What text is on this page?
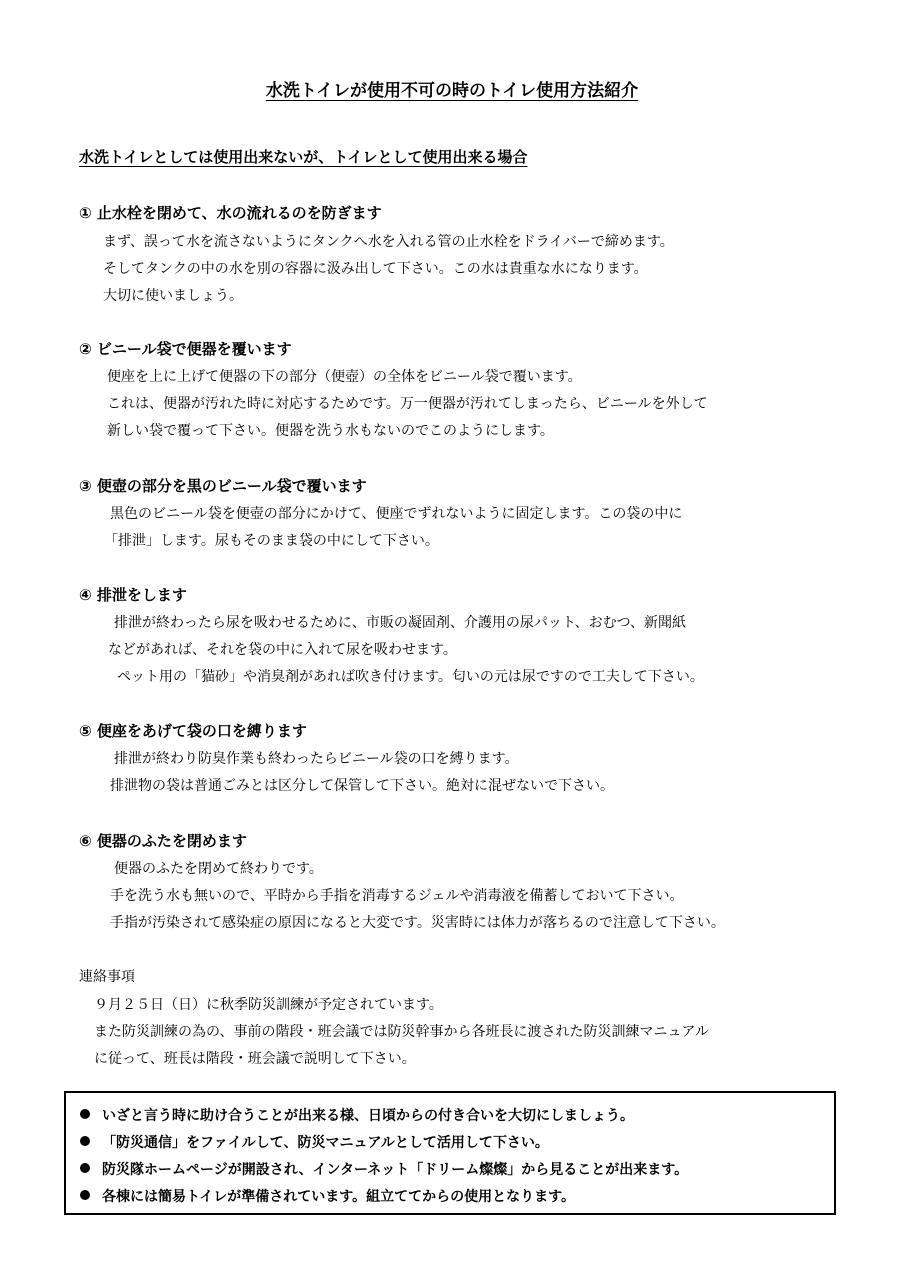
水洗トイレが使用不可の時のトイレ使用方法紹介
水洗トイレとしては使用出来ないが、トイレとして使用出来る場合
① 止水栓を閉めて、水の流れるのを防ぎます
まず、誤って水を流さないようにタンクへ水を入れる管の止水栓をドライバーで締めます。
そしてタンクの中の水を別の容器に汲み出して下さい。この水は貴重な水になります。
大切に使いましょう。
② ビニール袋で便器を覆います
便座を上に上げて便器の下の部分（便壺）の全体をビニール袋で覆います。
これは、便器が汚れた時に対応するためです。万一便器が汚れてしまったら、ビニールを外して
新しい袋で覆って下さい。便器を洗う水もないのでこのようにします。
③ 便壺の部分を黒のビニール袋で覆います
黒色のビニール袋を便壺の部分にかけて、便座でずれないように固定します。この袋の中に
「排泄」します。尿もそのまま袋の中にして下さい。
④ 排泄をします
排泄が終わったら尿を吸わせるために、市販の凝固剤、介護用の尿パット、おむつ、新聞紙
などがあれば、それを袋の中に入れて尿を吸わせます。
ペット用の「猫砂」や消臭剤があれば吹き付けます。匂いの元は尿ですので工夫して下さい。
⑤ 便座をあげて袋の口を縛ります
排泄が終わり防臭作業も終わったらビニール袋の口を縛ります。
排泄物の袋は普通ごみとは区分して保管して下さい。絶対に混ぜないで下さい。
⑥ 便器のふたを閉めます
便器のふたを閉めて終わりです。
手を洗う水も無いので、平時から手指を消毒するジェルや消毒液を備蓄しておいて下さい。
手指が汚染されて感染症の原因になると大変です。災害時には体力が落ちるので注意して下さい。
連絡事項
９月２５日（日）に秋季防災訓練が予定されています。
また防災訓練の為の、事前の階段・班会議では防災幹事から各班長に渡された防災訓練マニュアル
に従って、班長は階段・班会議で説明して下さい。
いざと言う時に助け合うことが出来る様、日頃からの付き合いを大切にしましょう。
「防災通信」をファイルして、防災マニュアルとして活用して下さい。
防災隊ホームページが開設され、インターネット「ドリーム燦燦」から見ることが出来ます。
各棟には簡易トイレが準備されています。組立ててからの使用となります。
